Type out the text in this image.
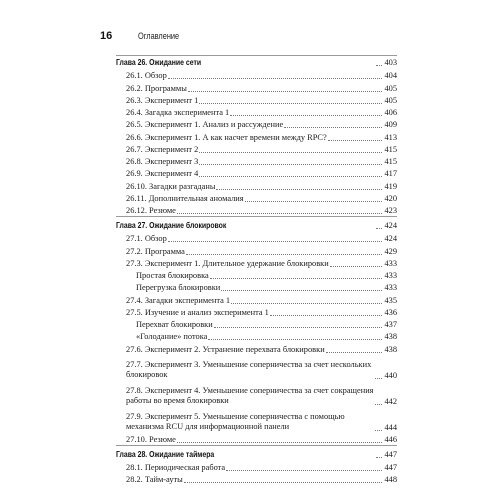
16	Оглавление
Глава 26. Ожидание сети	403
26.1. Обзор	404
26.2. Программы	405
26.3. Эксперимент 1	405
26.4. Загадка эксперимента 1	406
26.5. Эксперимент 1. Анализ и рассуждение	409
26.6. Эксперимент 1. А как насчет времени между RPC?	413
26.7. Эксперимент 2	415
26.8. Эксперимент 3	415
26.9. Эксперимент 4	417
26.10. Загадки разгаданы	419
26.11. Дополнительная аномалия	420
26.12. Резюме	423
Глава 27. Ожидание блокировок	424
27.1. Обзор	424
27.2. Программа	429
27.3. Эксперимент 1. Длительное удержание блокировки	433
Простая блокировка	433
Перегрузка блокировки	433
27.4. Загадки эксперимента 1	435
27.5. Изучение и анализ эксперимента 1	436
Перехват блокировки	437
«Голодание» потока	438
27.6. Эксперимент 2. Устранение перехвата блокировки	438
27.7. Эксперимент 3. Уменьшение соперничества за счет нескольких блокировок	440
27.8. Эксперимент 4. Уменьшение соперничества за счет сокращения работы во время блокировки	442
27.9. Эксперимент 5. Уменьшение соперничества с помощью механизма RCU для информационной панели	444
27.10. Резюме	446
Глава 28. Ожидание таймера	447
28.1. Периодическая работа	447
28.2. Тайм-ауты	448
